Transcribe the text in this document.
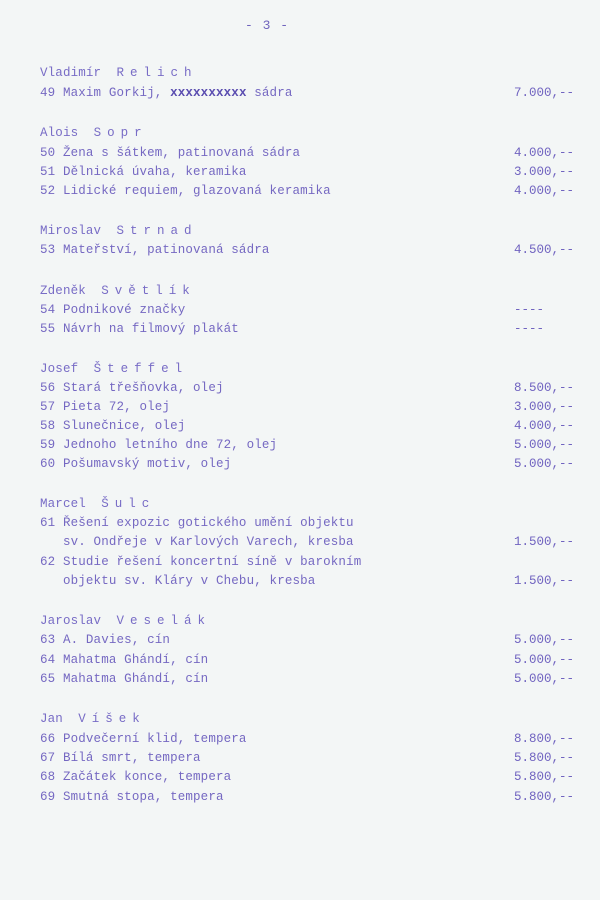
- 3 -
Vladimír  Relich
7.000,--
49 Maxim Gorkij, xxxxxxxxxx sádra
Alois  Sopr
4.000,--
50 Žena s šátkem, patinovaná sádra
3.000,--
51 Dělnická úvaha, keramika
4.000,--
52 Lidické requiem, glazovaná keramika
Miroslav  Strnad
4.500,--
53 Mateřství, patinovaná sádra
Zdeněk  Světlík
----
54 Podnikové značky
----
55 Návrh na filmový plakát
Josef  Šteffel
8.500,--
56 Stará třešňovka, olej
3.000,--
57 Pieta 72, olej
4.000,--
58 Slunečnice, olej
5.000,--
59 Jednoho letního dne 72, olej
5.000,--
60 Pošumavský motiv, olej
Marcel  Šulc
61 Řešení expozic gotického umění objektu
1.500,--
sv. Ondřeje v Karlových Varech, kresba
62 Studie řešení koncertní síně v barokním
1.500,--
objektu sv. Kláry v Chebu, kresba
Jaroslav  Veselák
5.000,--
63 A. Davies, cín
5.000,--
64 Mahatma Ghándí, cín
5.000,--
65 Mahatma Ghándí, cín
Jan  Víšek
8.800,--
66 Podvečerní klid, tempera
5.800,--
67 Bílá smrt, tempera
5.800,--
68 Začátek konce, tempera
5.800,--
69 Smutná stopa, tempera
